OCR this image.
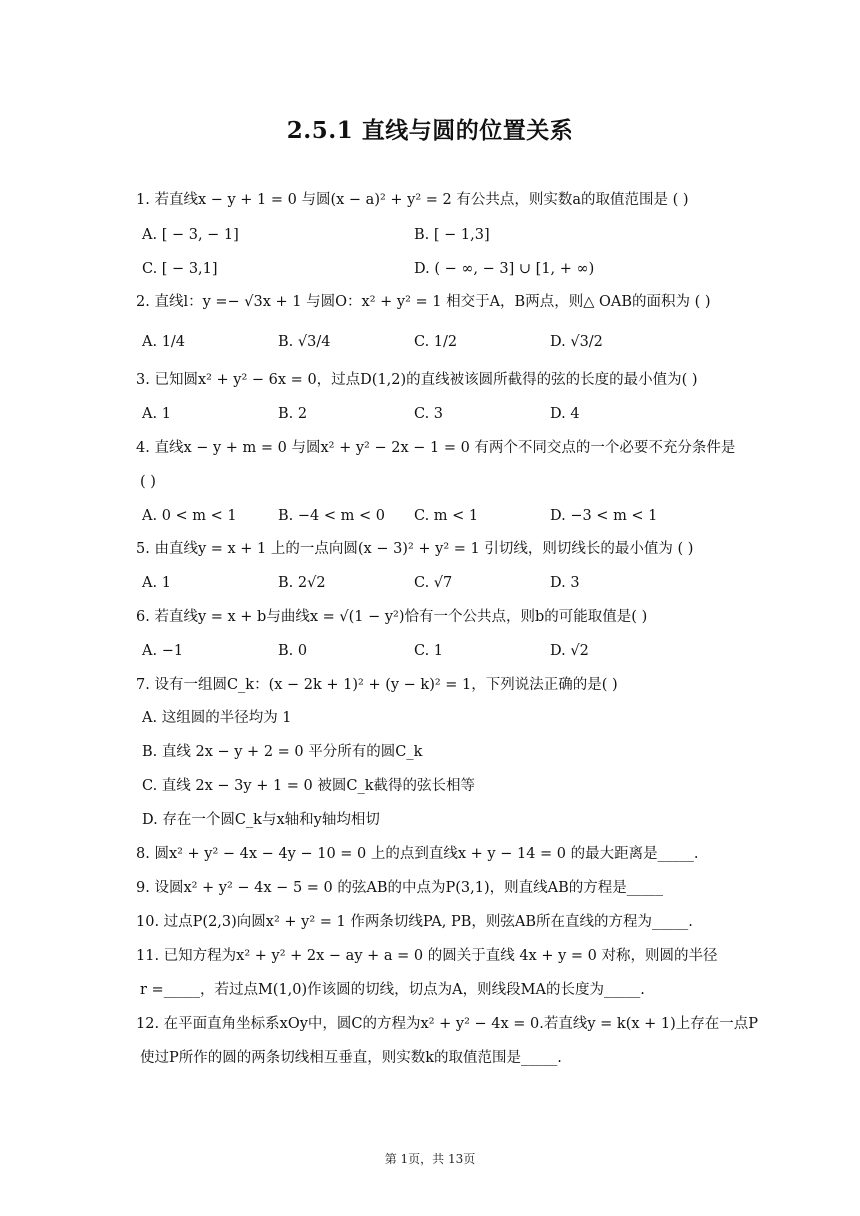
2.5.1 直线与圆的位置关系
1. 若直线x − y + 1 = 0 与圆(x − a)² + y² = 2 有公共点，则实数a的取值范围是 ( )
A. [ − 3, − 1]	B. [ − 1,3]
C. [ − 3,1]	D. ( − ∞, − 3] ∪ [1, + ∞)
2. 直线l：y =− √3x + 1 与圆O：x² + y² = 1 相交于A，B两点，则△ OAB的面积为 ( )
A. 1/4	B. √3/4	C. 1/2	D. √3/2
3. 已知圆x² + y² − 6x = 0，过点D(1,2)的直线被该圆所截得的弦的长度的最小值为( )
A. 1	B. 2	C. 3	D. 4
4. 直线x − y + m = 0 与圆x² + y² − 2x − 1 = 0 有两个不同交点的一个必要不充分条件是
( )
A. 0 < m < 1	B. −4 < m < 0 C. m < 1	D. −3 < m < 1
5. 由直线y = x + 1 上的一点向圆(x − 3)² + y² = 1 引切线，则切线长的最小值为 ( )
A. 1	B. 2√2	C. √7	D. 3
6. 若直线y = x + b与曲线x = √(1 − y²)恰有一个公共点，则b的可能取值是( )
A. −1	B. 0	C. 1	D. √2
7. 设有一组圆C_k：(x − 2k + 1)² + (y − k)² = 1，下列说法正确的是( )
A. 这组圆的半径均为 1
B. 直线 2x − y + 2 = 0 平分所有的圆C_k
C. 直线 2x − 3y + 1 = 0 被圆C_k截得的弦长相等
D. 存在一个圆C_k与x轴和y轴均相切
8. 圆x² + y² − 4x − 4y − 10 = 0 上的点到直线x + y − 14 = 0 的最大距离是_____.
9. 设圆x² + y² − 4x − 5 = 0 的弦AB的中点为P(3,1)，则直线AB的方程是_____
10. 过点P(2,3)向圆x² + y² = 1 作两条切线PA, PB，则弦AB所在直线的方程为_____.
11. 已知方程为x² + y² + 2x − ay + a = 0 的圆关于直线 4x + y = 0 对称，则圆的半径
r =_____，若过点M(1,0)作该圆的切线，切点为A，则线段MA的长度为_____.
12. 在平面直角坐标系xOy中，圆C的方程为x² + y² − 4x = 0.若直线y = k(x + 1)上存在一点P
使过P所作的圆的两条切线相互垂直，则实数k的取值范围是_____.
第 1页，共 13页
